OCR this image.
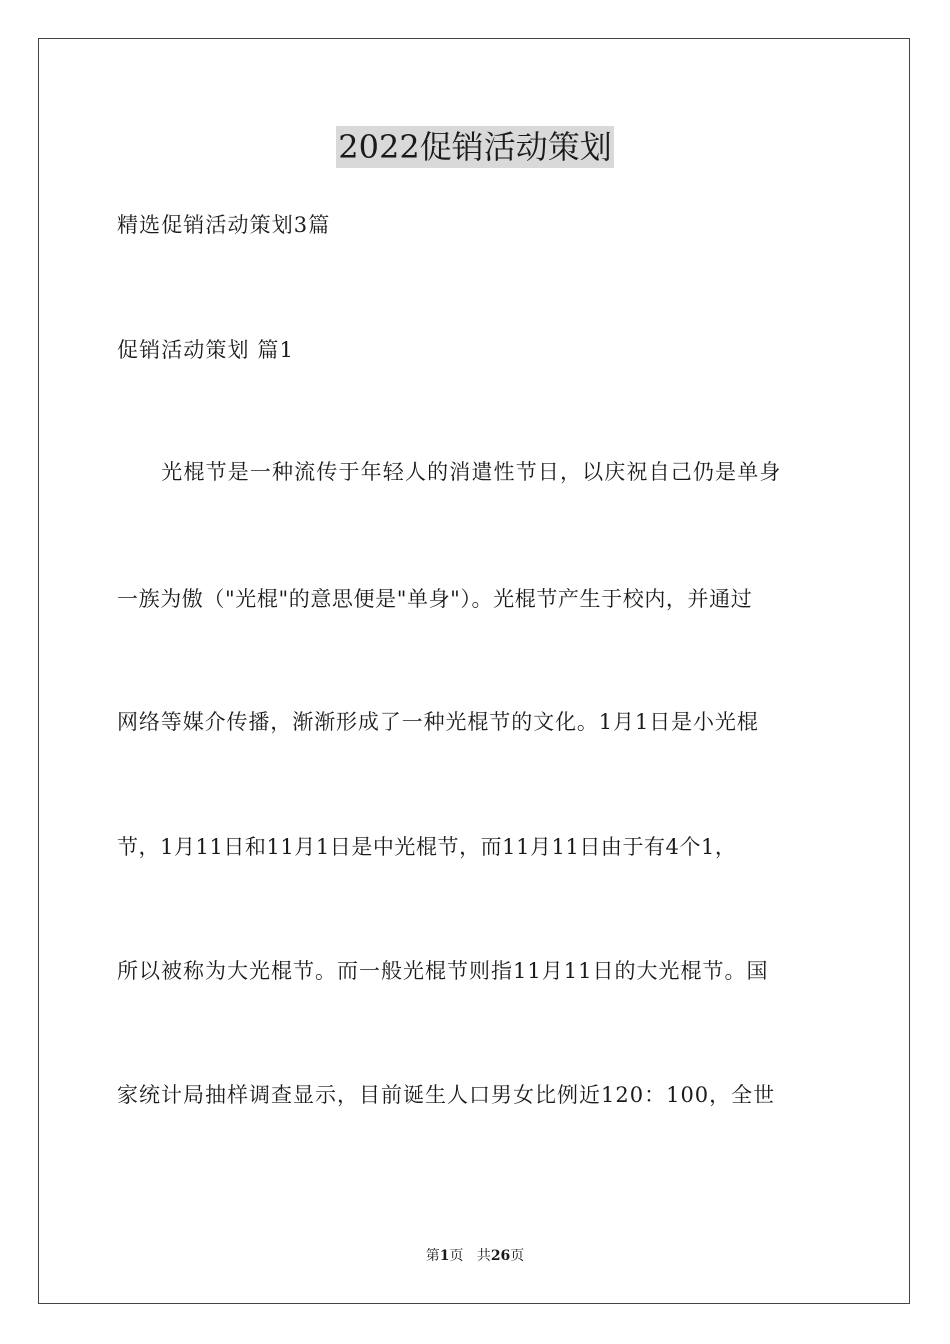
2022促销活动策划
精选促销活动策划3篇
促销活动策划 篇1
　　光棍节是一种流传于年轻人的消遣性节日，以庆祝自己仍是单身
一族为傲（"光棍"的意思便是"单身"）。光棍节产生于校内，并通过
网络等媒介传播，渐渐形成了一种光棍节的文化。1月1日是小光棍
节，1月11日和11月1日是中光棍节，而11月11日由于有4个1，
所以被称为大光棍节。而一般光棍节则指11月11日的大光棍节。国
家统计局抽样调查显示，目前诞生人口男女比例近120：100，全世
第1页 共26页
